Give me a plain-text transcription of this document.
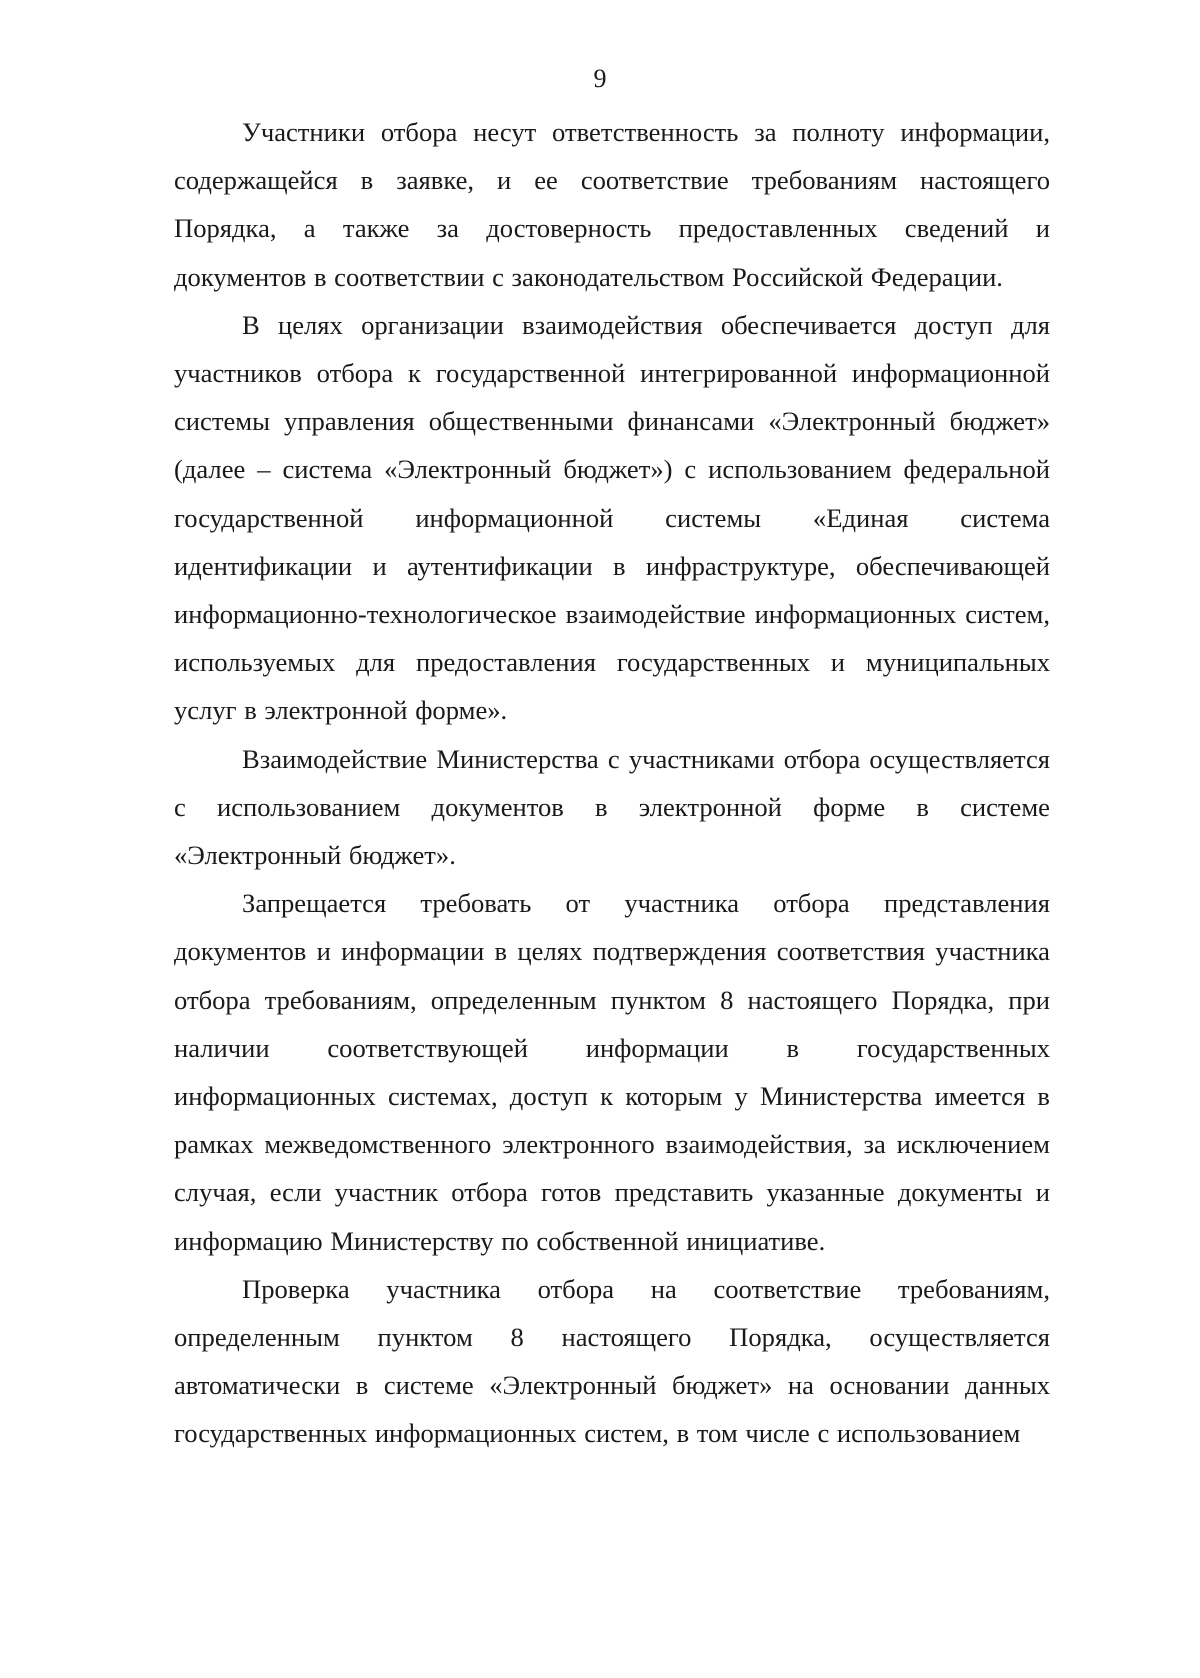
9

Участники отбора несут ответственность за полноту информации, содержащейся в заявке, и ее соответствие требованиям настоящего Порядка, а также за достоверность предоставленных сведений и документов в соответствии с законодательством Российской Федерации.

В целях организации взаимодействия обеспечивается доступ для участников отбора к государственной интегрированной информационной системы управления общественными финансами «Электронный бюджет» (далее – система «Электронный бюджет») с использованием федеральной государственной информационной системы «Единая система идентификации и аутентификации в инфраструктуре, обеспечивающей информационно-технологическое взаимодействие информационных систем, используемых для предоставления государственных и муниципальных услуг в электронной форме».

Взаимодействие Министерства с участниками отбора осуществляется с использованием документов в электронной форме в системе «Электронный бюджет».

Запрещается требовать от участника отбора представления документов и информации в целях подтверждения соответствия участника отбора требованиям, определенным пунктом 8 настоящего Порядка, при наличии соответствующей информации в государственных информационных системах, доступ к которым у Министерства имеется в рамках межведомственного электронного взаимодействия, за исключением случая, если участник отбора готов представить указанные документы и информацию Министерству по собственной инициативе.

Проверка участника отбора на соответствие требованиям, определенным пунктом 8 настоящего Порядка, осуществляется автоматически в системе «Электронный бюджет» на основании данных государственных информационных систем, в том числе с использованием
